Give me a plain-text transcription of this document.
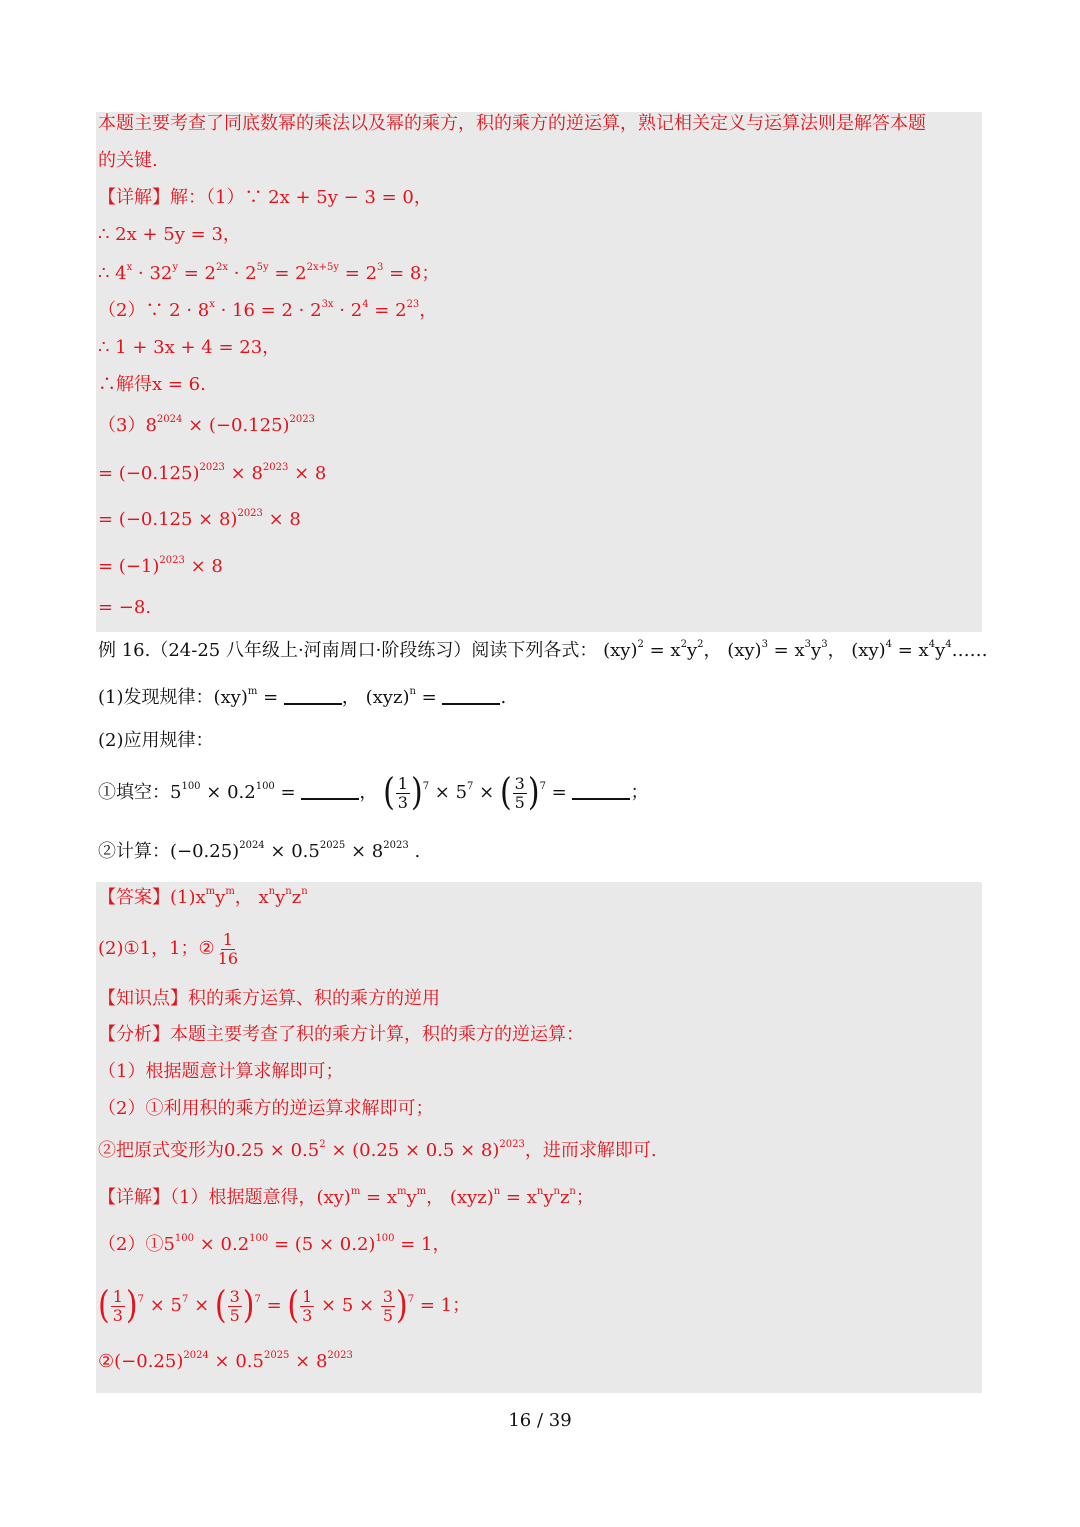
本题主要考查了同底数幂的乘法以及幂的乘方，积的乘方的逆运算，熟记相关定义与运算法则是解答本题
的关键.
【详解】解：（1）∵ 2x + 5y − 3 = 0，
∴ 2x + 5y = 3，
∴ $4^x \cdot 32^y = 2^{2x} \cdot 2^{5y} = 2^{2x+5y} = 2^3 = 8$；
（2）∵ $2 \cdot 8^x \cdot 16 = 2 \cdot 2^{3x} \cdot 2^4 = 2^{23}$，
∴ 1 + 3x + 4 = 23，
∴解得x = 6.
$(3)8^{2024} \times (-0.125)^{2023}$
= $(-0.125)^{2023} \times 8^{2023} \times 8$
= $(-0.125 \times 8)^{2023} \times 8$
= $(-1)^{2023} \times 8$
= −8.
例 16.（24-25 八年级上·河南周口·阶段练习）阅读下列各式： $(xy)^2 = x^2y^2$， $(xy)^3 = x^3y^3$， $(xy)^4 = x^4y^4\dots\dots$
(1)发现规律：(xy)$^m$ =	， (xyz)$^n$ =	.
(2)应用规律：
①填空：$5^{100} \times 0.2^{100}$ =	， ( $\frac{1}{3} )^7 \times 5^7$ × ( $\frac{3}{5} )^7$ =	；
②计算：$(-0.25)^{2024} \times 0.5^{2025} \times 8^{2023}$ .
【答案】$(1)x^my^m$， $x^ny^nz^n$
(2)①1，1；② $\frac{1}{16}$
【知识点】积的乘方运算、积的乘方的逆用
【分析】本题主要考查了积的乘方计算，积的乘方的逆运算：
（1）根据题意计算求解即可；
（2）①利用积的乘方的逆运算求解即可；
②把原式变形为$0.25 \times 0.5^2 \times (0.25 \times 0.5 \times 8)^{2023}$，进而求解即可.
【详解】（1）根据题意得，$(xy)^m = x^my^m$， $(xyz)^n = x^ny^nz^n$；
$(2)①5^{100} \times 0.2^{100} = (5 \times 0.2)^{100} = 1$，
( $\frac{1}{3} )^7 \times 5^7$ × ( $\frac{3}{5} )^7$ = ( $\frac{1}{3} \times 5 \times \frac{3}{5} )^7 = 1$；
$②(-0.25)^{2024} \times 0.5^{2025} \times 8^{2023}$
16 / 39
